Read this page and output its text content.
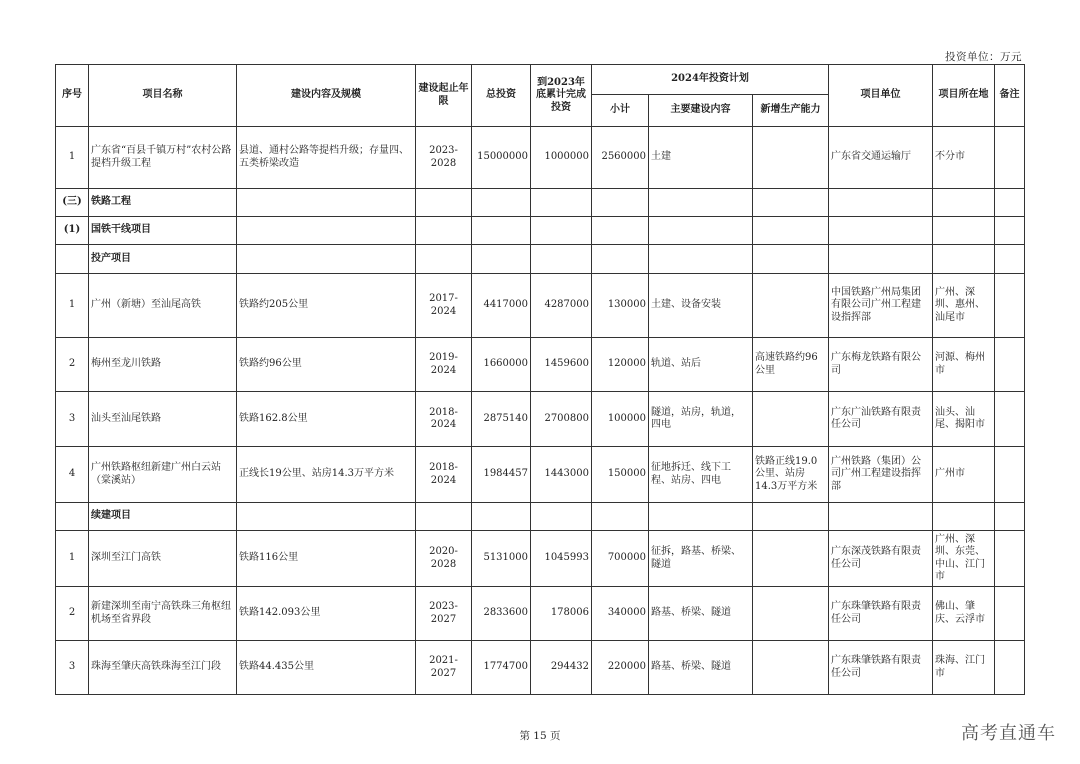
投资单位：万元
序号	项目名称	建设内容及规模	建设起止年限	总投资	到2023年底累计完成投资	2024年投资计划			项目单位	项目所在地	备注
						小计	主要建设内容	新增生产能力			
1	广东省“百县千镇万村”农村公路提档升级工程	县道、通村公路等提档升级；存量四、五类桥梁改造	2023-2028	15000000	1000000	2560000	土建		广东省交通运输厅	不分市	
(三)	铁路工程										
(1)	国铁干线项目										
	投产项目										
1	广州（新塘）至汕尾高铁	铁路约205公里	2017-2024	4417000	4287000	130000	土建、设备安装		中国铁路广州局集团有限公司广州工程建设指挥部	广州、深圳、惠州、汕尾市	
2	梅州至龙川铁路	铁路约96公里	2019-2024	1660000	1459600	120000	轨道、站后	高速铁路约96公里	广东梅龙铁路有限公司	河源、梅州市	
3	汕头至汕尾铁路	铁路162.8公里	2018-2024	2875140	2700800	100000	隧道，站房，轨道，四电		广东广汕铁路有限责任公司	汕头、汕尾、揭阳市	
4	广州铁路枢纽新建广州白云站（棠溪站）	正线长19公里、站房14.3万平方米	2018-2024	1984457	1443000	150000	征地拆迁、线下工程、站房、四电	铁路正线19.0公里、站房14.3万平方米	广州铁路（集团）公司广州工程建设指挥部	广州市	
	续建项目										
1	深圳至江门高铁	铁路116公里	2020-2028	5131000	1045993	700000	征拆，路基、桥梁、隧道		广东深茂铁路有限责任公司	广州、深圳、东莞、中山、江门市	
2	新建深圳至南宁高铁珠三角枢纽机场至省界段	铁路142.093公里	2023-2027	2833600	178006	340000	路基、桥梁、隧道		广东珠肇铁路有限责任公司	佛山、肇庆、云浮市	
3	珠海至肇庆高铁珠海至江门段	铁路44.435公里	2021-2027	1774700	294432	220000	路基、桥梁、隧道		广东珠肇铁路有限责任公司	珠海、江门市	
第 15 页	高考直通车
